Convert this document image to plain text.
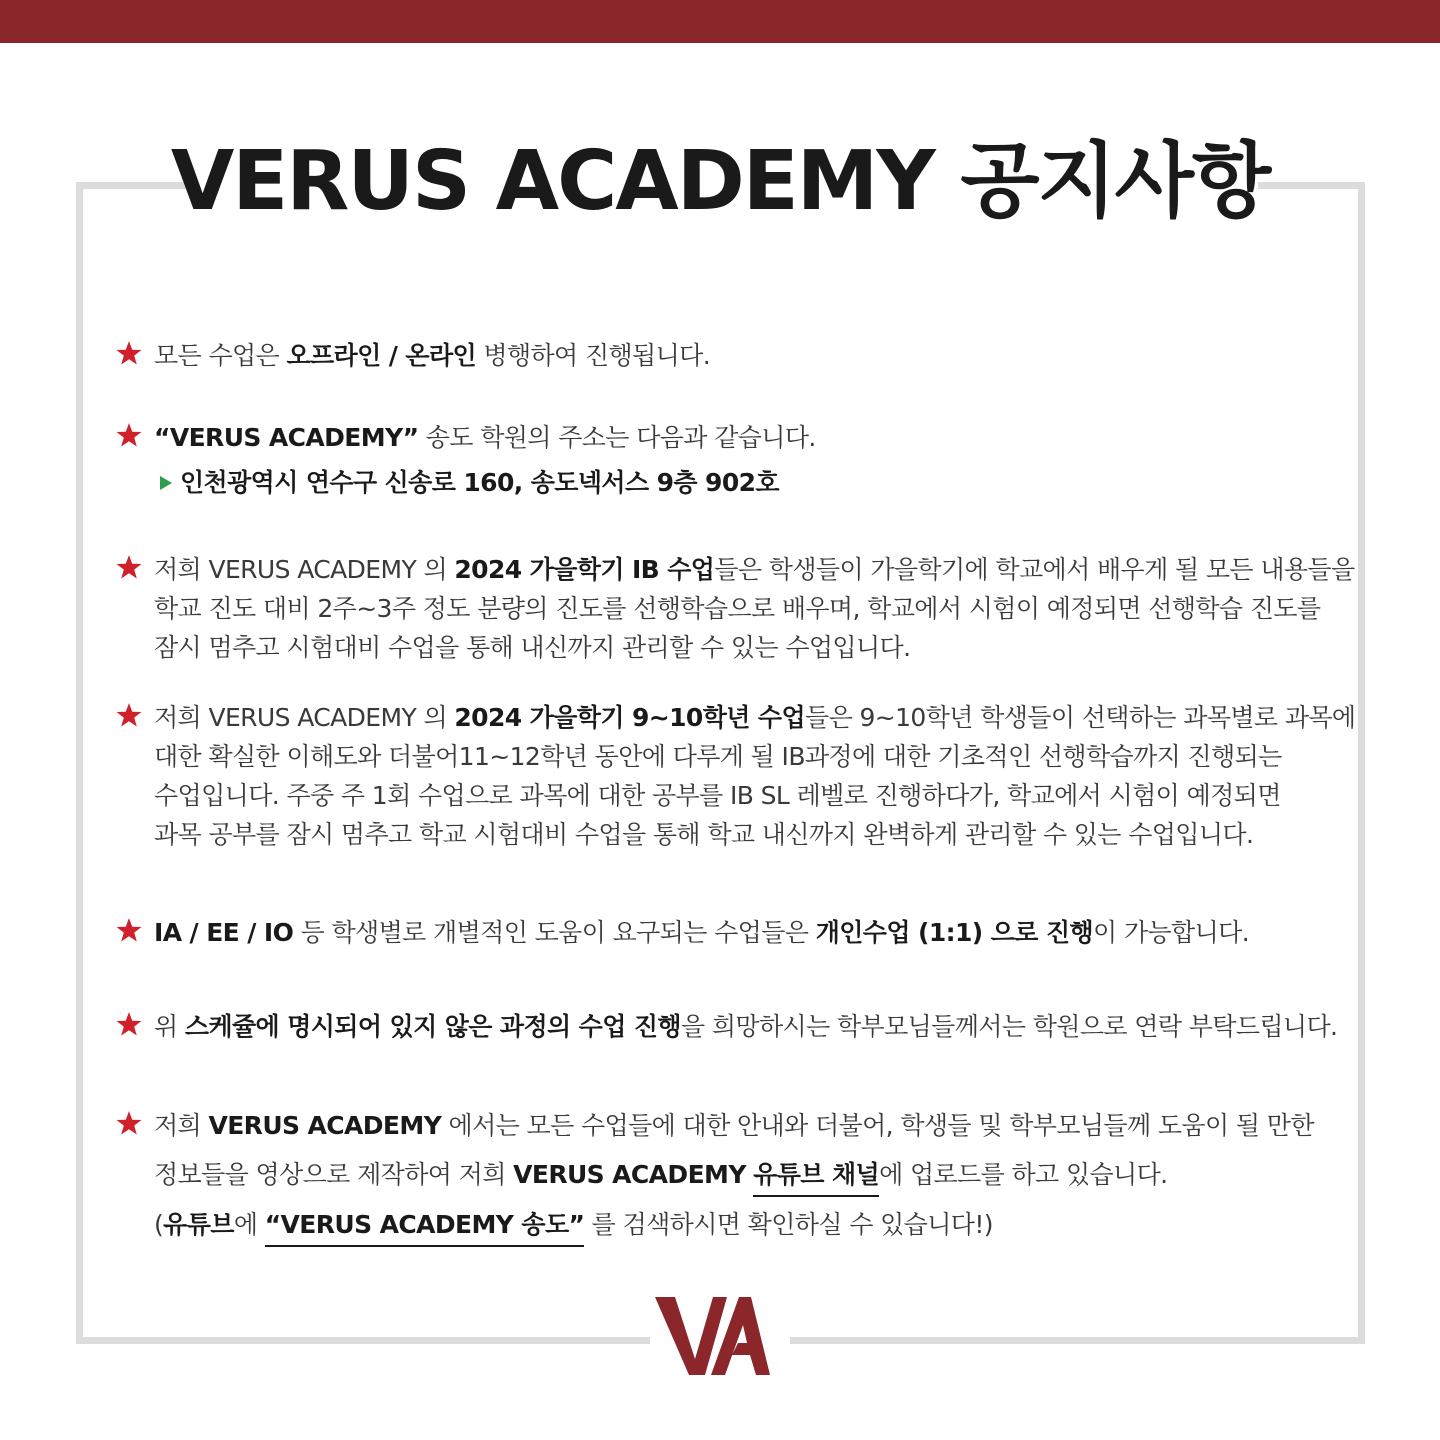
VERUS ACADEMY 공지사항
모든 수업은 오프라인 / 온라인 병행하여 진행됩니다.
“VERUS ACADEMY” 송도 학원의 주소는 다음과 같습니다.
인천광역시 연수구 신송로 160, 송도넥서스 9층 902호
저희 VERUS ACADEMY 의 2024 가을학기 IB 수업들은 학생들이 가을학기에 학교에서 배우게 될 모든 내용들을
학교 진도 대비 2주~3주 정도 분량의 진도를 선행학습으로 배우며, 학교에서 시험이 예정되면 선행학습 진도를
잠시 멈추고 시험대비 수업을 통해 내신까지 관리할 수 있는 수업입니다.
저희 VERUS ACADEMY 의 2024 가을학기 9~10학년 수업들은 9~10학년 학생들이 선택하는 과목별로 과목에
대한 확실한 이해도와 더불어11~12학년 동안에 다루게 될 IB과정에 대한 기초적인 선행학습까지 진행되는
수업입니다. 주중 주 1회 수업으로 과목에 대한 공부를 IB SL 레벨로 진행하다가, 학교에서 시험이 예정되면
과목 공부를 잠시 멈추고 학교 시험대비 수업을 통해 학교 내신까지 완벽하게 관리할 수 있는 수업입니다.
IA / EE / IO 등 학생별로 개별적인 도움이 요구되는 수업들은 개인수업 (1:1) 으로 진행이 가능합니다.
위 스케쥴에 명시되어 있지 않은 과정의 수업 진행을 희망하시는 학부모님들께서는 학원으로 연락 부탁드립니다.
저희 VERUS ACADEMY 에서는 모든 수업들에 대한 안내와 더불어, 학생들 및 학부모님들께 도움이 될 만한
정보들을 영상으로 제작하여 저희 VERUS ACADEMY 유튜브 채널에 업로드를 하고 있습니다.
(유튜브에 “VERUS ACADEMY 송도” 를 검색하시면 확인하실 수 있습니다!)
